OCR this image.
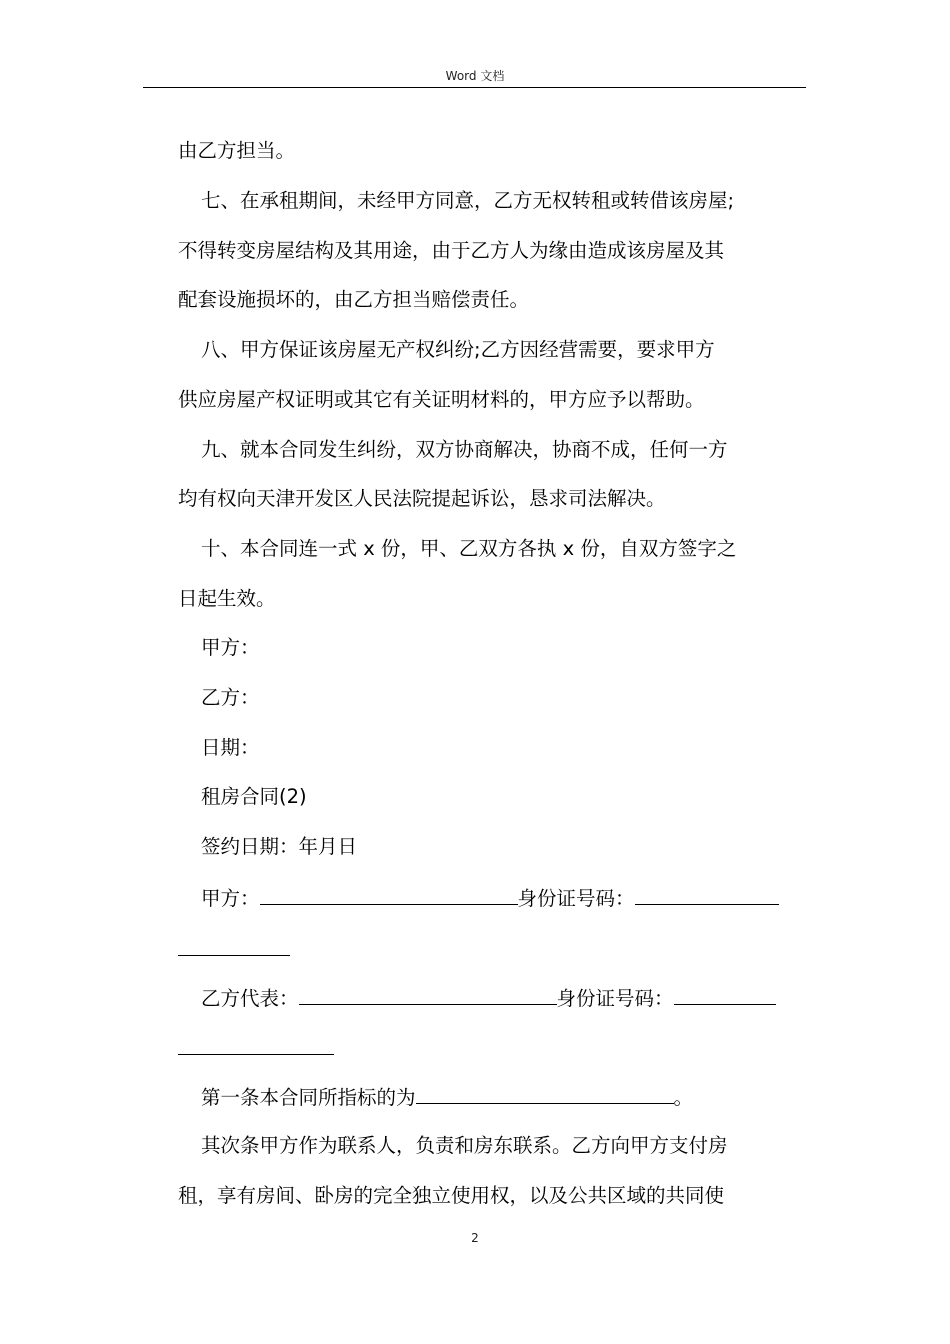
Word 文档
由乙方担当。
七、在承租期间，未经甲方同意，乙方无权转租或转借该房屋;
不得转变房屋结构及其用途，由于乙方人为缘由造成该房屋及其
配套设施损坏的，由乙方担当赔偿责任。
八、甲方保证该房屋无产权纠纷;乙方因经营需要，要求甲方
供应房屋产权证明或其它有关证明材料的，甲方应予以帮助。
九、就本合同发生纠纷，双方协商解决，协商不成，任何一方
均有权向天津开发区人民法院提起诉讼，恳求司法解决。
十、本合同连一式 x 份，甲、乙双方各执 x 份，自双方签字之
日起生效。
甲方：
乙方：
日期：
租房合同(2)
签约日期：年月日
甲方：	身份证号码：
乙方代表：	身份证号码：
第一条本合同所指标的为	。
其次条甲方作为联系人，负责和房东联系。乙方向甲方支付房
租，享有房间、卧房的完全独立使用权，以及公共区域的共同使
2
